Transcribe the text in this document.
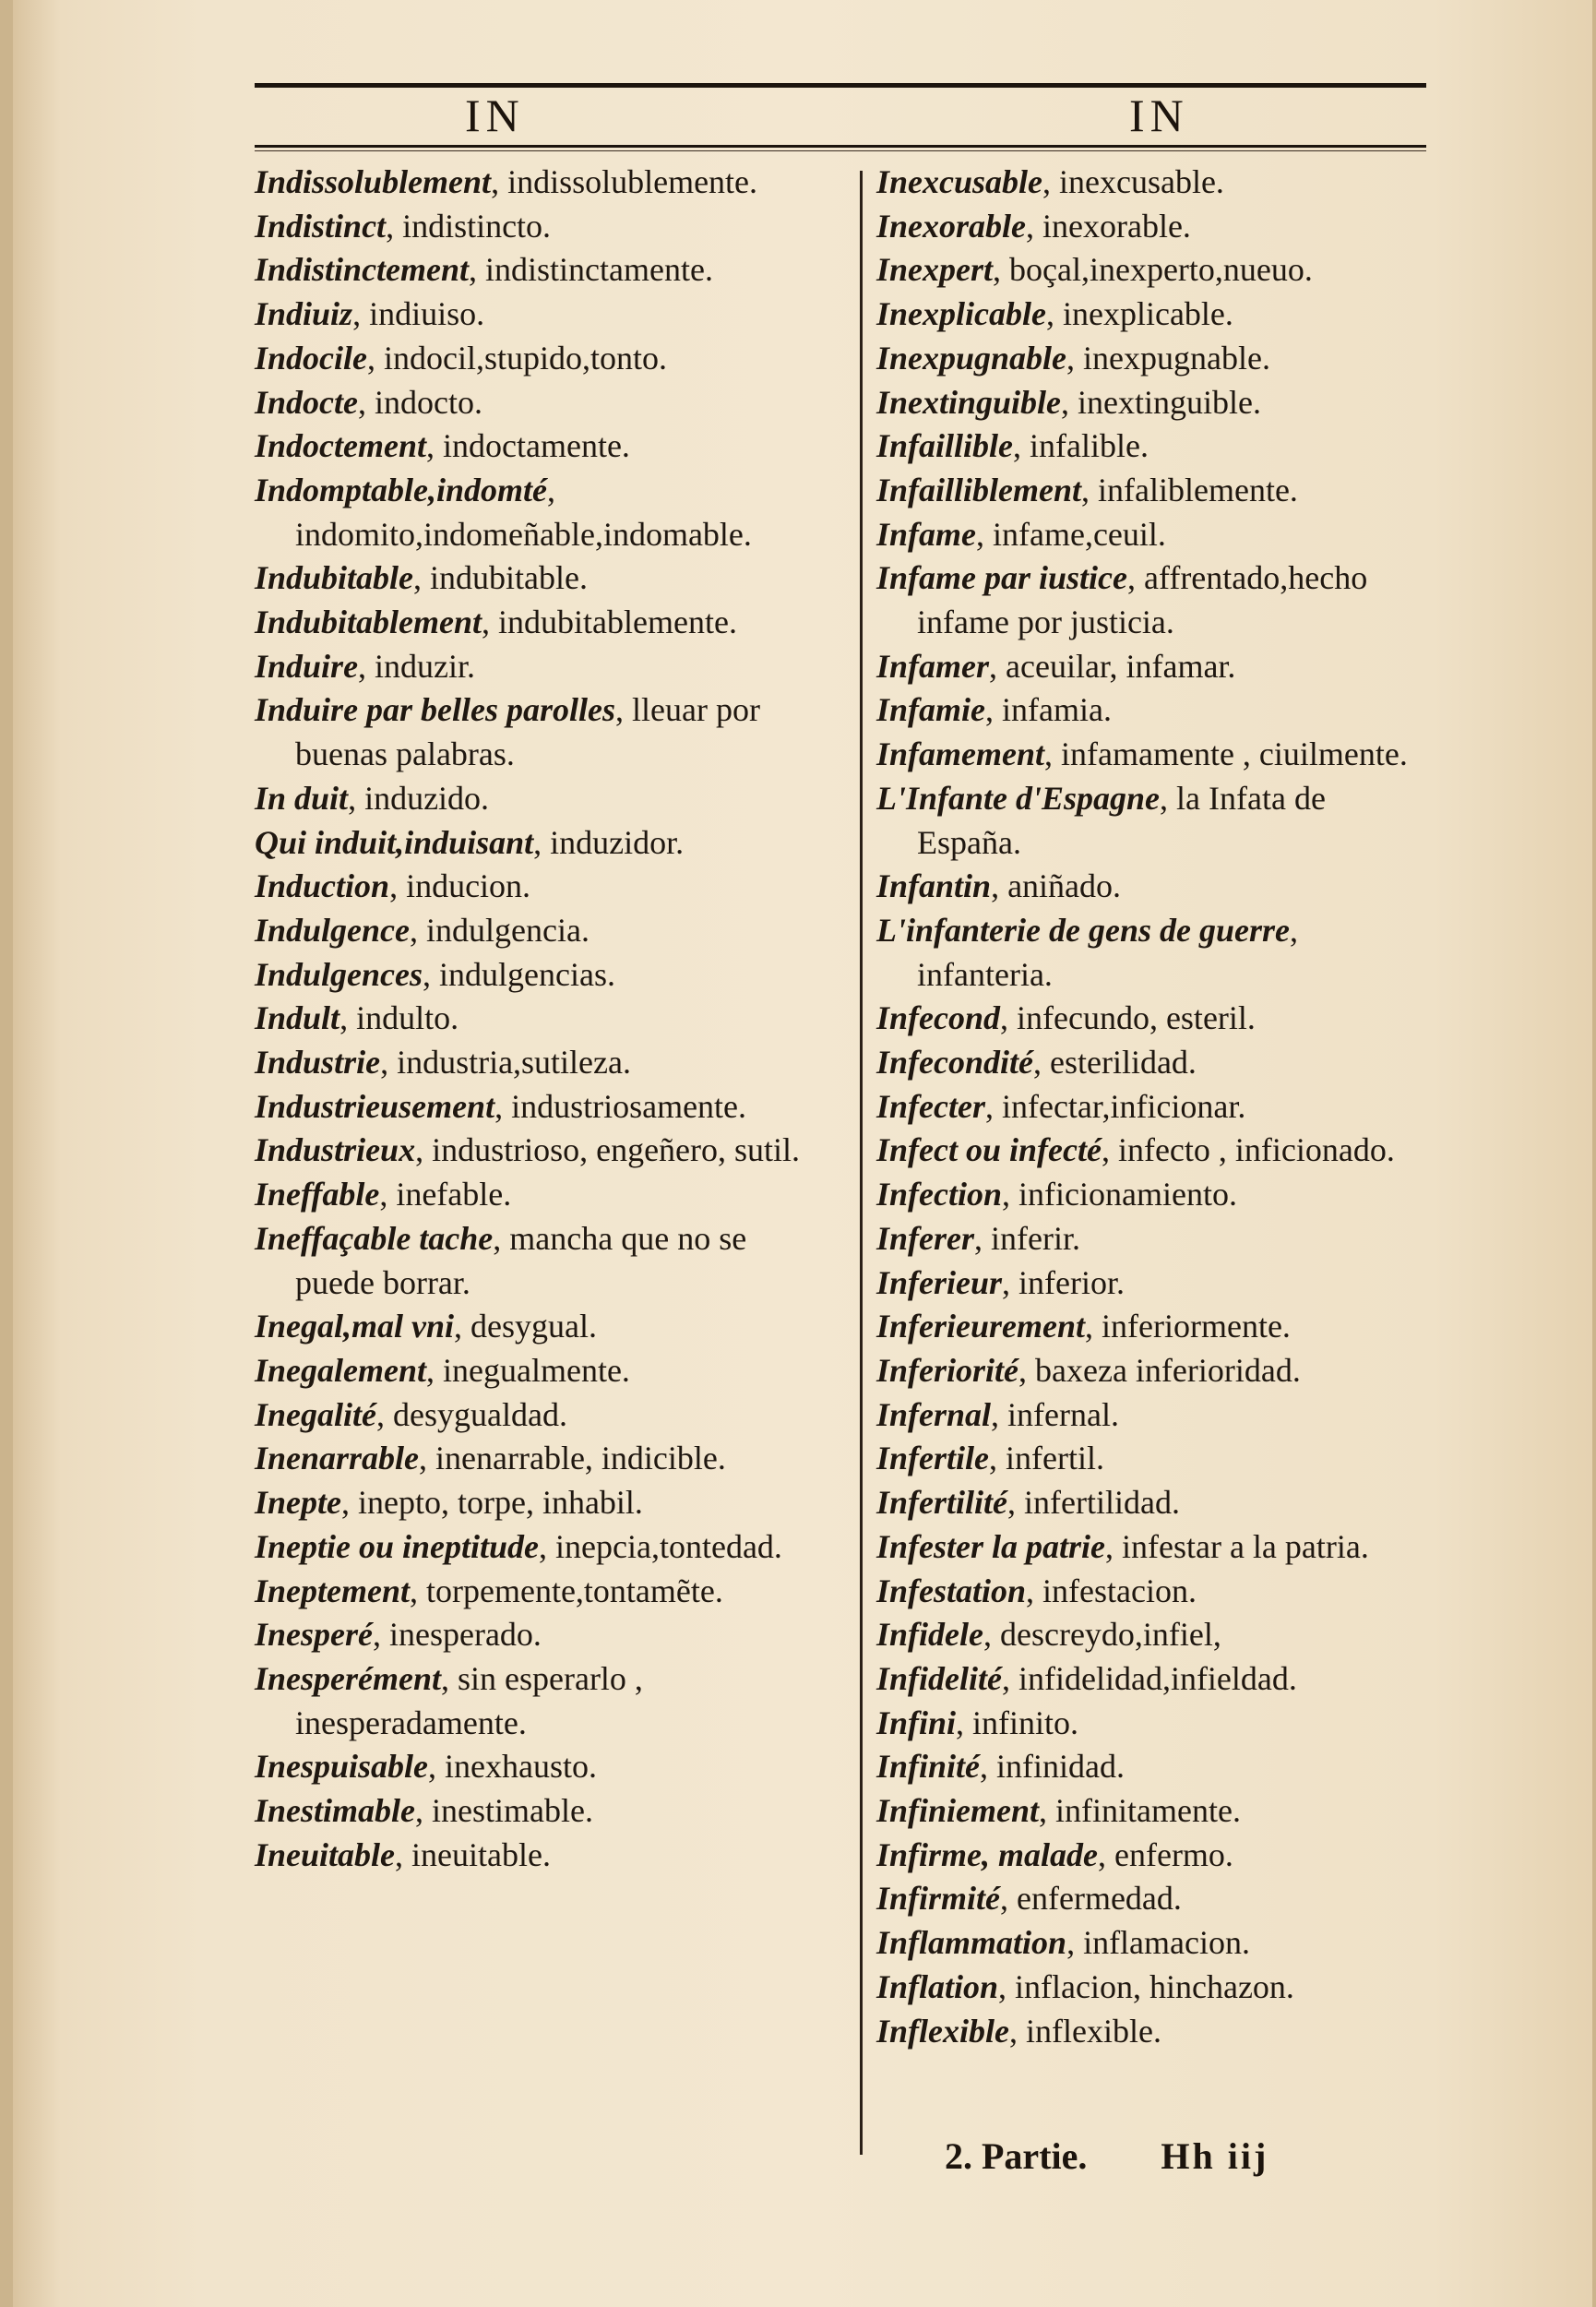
IN	IN

Indissolublement, indissolublemente.

Indistinct, indistincto.

Indistinctement, indistinctamente.

Indiuiz, indiuiso.

Indocile, indocil,stupido,tonto.

Indocte, indocto.

Indoctement, indoctamente.

Indomptable,indomté, indomito,indomeñable,indomable.

Indubitable, indubitable.

Indubitablement, indubitablemente.

Induire, induzir.

Induire par belles parolles, lleuar por buenas palabras.

In duit, induzido.

Qui induit,induisant, induzidor.

Induction, inducion.

Indulgence, indulgencia.

Indulgences, indulgencias.

Indult, indulto.

Industrie, industria,sutileza.

Industrieusement, industriosamente.

Industrieux, industrioso, engeñero, sutil.

Ineffable, inefable.

Ineffaçable tache, mancha que no se puede borrar.

Inegal,mal vni, desygual.

Inegalement, inegualmente.

Inegalité, desygualdad.

Inenarrable, inenarrable, indicible.

Inepte, inepto, torpe, inhabil.

Ineptie ou ineptitude, inepcia,tontedad.

Ineptement, torpemente,tontamẽte.

Inesperé, inesperado.

Inesperément, sin esperarlo , inesperadamente.

Inespuisable, inexhausto.

Inestimable, inestimable.

Ineuitable, ineuitable.

Inexcusable, inexcusable.

Inexorable, inexorable.

Inexpert, boçal,inexperto,nueuo.

Inexplicable, inexplicable.

Inexpugnable, inexpugnable.

Inextinguible, inextinguible.

Infaillible, infalible.

Infailliblement, infaliblemente.

Infame, infame,ceuil.

Infame par iustice, affrentado,hecho infame por justicia.

Infamer, aceuilar, infamar.

Infamie, infamia.

Infamement, infamamente , ciuilmente.

L'Infante d'Espagne, la Infata de España.

Infantin, aniñado.

L'infanterie de gens de guerre, infanteria.

Infecond, infecundo, esteril.

Infecondité, esterilidad.

Infecter, infectar,inficionar.

Infect ou infecté, infecto , inficionado.

Infection, inficionamiento.

Inferer, inferir.

Inferieur, inferior.

Inferieurement, inferiormente.

Inferiorité, baxeza inferioridad.

Infernal, infernal.

Infertile, infertil.

Infertilité, infertilidad.

Infester la patrie, infestar a la patria.

Infestation, infestacion.

Infidele, descreydo,infiel,

Infidelité, infidelidad,infieldad.

Infini, infinito.

Infinité, infinidad.

Infiniement, infinitamente.

Infirme, malade, enfermo.

Infirmité, enfermedad.

Inflammation, inflamacion.

Inflation, inflacion, hinchazon.

Inflexible, inflexible.

2. Partie. Hh iij
